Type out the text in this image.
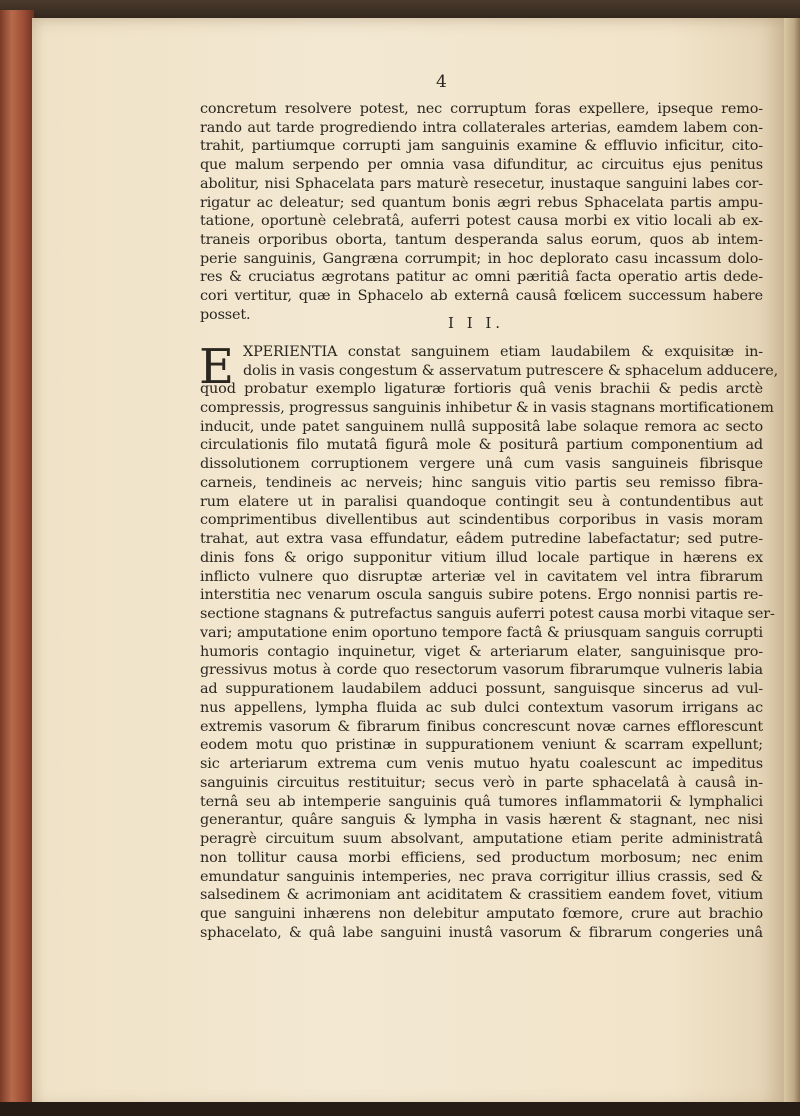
4
concretum resolvere potest, nec corruptum foras expellere, ipseque remo-
rando aut tarde progrediendo intra collaterales arterias, eamdem labem con-
trahit, partiumque corrupti jam sanguinis examine & effluvio inficitur, cito-
que malum serpendo per omnia vasa difunditur, ac circuitus ejus penitus
abolitur, nisi Sphacelata pars maturè resecetur, inustaque sanguini labes cor-
rigatur ac deleatur; sed quantum bonis ægri rebus Sphacelata partis ampu-
tatione, oportunè celebratâ, auferri potest causa morbi ex vitio locali ab ex-
traneis orporibus oborta, tantum desperanda salus eorum, quos ab intem-
perie sanguinis, Gangræna corrumpit; in hoc deplorato casu incassum dolo-
res & cruciatus ægrotans patitur ac omni pæritiâ facta operatio artis dede-
cori vertitur, quæ in Sphacelo ab externâ causâ fœlicem successum habere
posset.	I I I.
E XPERIENTIA constat sanguinem etiam laudabilem & exquisitæ in-
dolis in vasis congestum & asservatum putrescere & sphacelum adducere,
quod probatur exemplo ligaturæ fortioris quâ venis brachii & pedis arctè
compressis, progressus sanguinis inhibetur & in vasis stagnans mortificationem
inducit, unde patet sanguinem nullâ suppositâ labe solaque remora ac secto
circulationis filo mutatâ figurâ mole & positurâ partium componentium ad
dissolutionem corruptionem vergere unâ cum vasis sanguineis fibrisque
carneis, tendineis ac nerveis; hinc sanguis vitio partis seu remisso fibra-
rum elatere ut in paralisi quandoque contingit seu à contundentibus aut
comprimentibus divellentibus aut scindentibus corporibus in vasis moram
trahat, aut extra vasa effundatur, eâdem putredine labefactatur; sed putre-
dinis fons & origo supponitur vitium illud locale partique in hærens ex
inflicto vulnere quo disruptæ arteriæ vel in cavitatem vel intra fibrarum
interstitia nec venarum oscula sanguis subire potens. Ergo nonnisi partis re-
sectione stagnans & putrefactus sanguis auferri potest causa morbi vitaque ser-
vari; amputatione enim oportuno tempore factâ & priusquam sanguis corrupti
humoris contagio inquinetur, viget & arteriarum elater, sanguinisque pro-
gressivus motus à corde quo resectorum vasorum fibrarumque vulneris labia
ad suppurationem laudabilem adduci possunt, sanguisque sincerus ad vul-
nus appellens, lympha fluida ac sub dulci contextum vasorum irrigans ac
extremis vasorum & fibrarum finibus concrescunt novæ carnes efflorescunt
eodem motu quo pristinæ in suppurationem veniunt & scarram expellunt;
sic arteriarum extrema cum venis mutuo hyatu coalescunt ac impeditus
sanguinis circuitus restituitur; secus verò in parte sphacelatâ à causâ in-
ternâ seu ab intemperie sanguinis quâ tumores inflammatorii & lymphalici
generantur, quâre sanguis & lympha in vasis hærent & stagnant, nec nisi
peragrè circuitum suum absolvant, amputatione etiam perite administratâ
non tollitur causa morbi efficiens, sed productum morbosum; nec enim
emundatur sanguinis intemperies, nec prava corrigitur illius crassis, sed &
salsedinem & acrimoniam ant aciditatem & crassitiem eandem fovet, vitium
que sanguini inhærens non delebitur amputato fœmore, crure aut brachio
sphacelato, & quâ labe sanguini inustâ vasorum & fibrarum congeries unâ
